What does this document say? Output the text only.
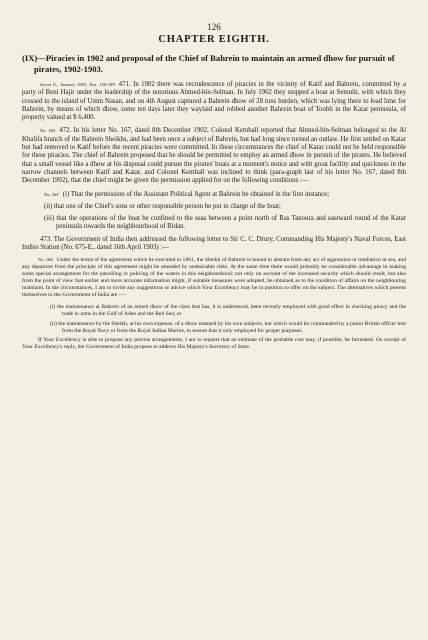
126
CHAPTER EIGHTH.
(IX)—Piracies in 1902 and proposal of the Chief of Bahrein to maintain an armed dhow for pursuit of pirates, 1902-1903.

Secret E., January 1903, Nos. 150-189. 471. In 1902 there was recrudescence of piracies in the vicinity of Katif and Bahrein, committed by a party of Beni Hajir under the leadership of the notorious Ahmed-bin-Selman. In July 1902 they stopped a boat at Semulit, with which they crossed to the island of Umm Nasan, and on 4th August captured a Bahrein dhow of 28 tons burden, which was lying there to load lime for Bahrein, by means of which dhow, some ten days later they waylaid and robbed another Bahrein boat of Toobli in the Katar peninsula, of property valued at $ 6,400.

No. 165. 472. In his letter No. 167, dated 8th December 1902, Colonel Kemball reported that Ahmed-bin-Selman belonged to the Al Khalifa branch of the Bahrein Sheikhs, and had been once a subject of Bahrein, but had long since turned an outlaw. He first settled on Katar but had removed to Katif before the recent piracies were committed. In these circumstances the chief of Katar could not be held responsible for these piracies. The chief of Bahrein proposed that he should be permitted to employ an armed dhow in pursuit of the pirates. He believed that a small vessel like a dhow at his disposal could pursue the pirates' boats at a moment's notice and with great facility and quickness in the narrow channels between Katif and Katar, and Colonel Kemball was inclined to think (para-graph last of his letter No. 167, dated 8th December 1902), that the chief might be given the permission applied for on the following conditions :—

No. 165. (i) That the permission of the Assistant Political Agent at Bahrein be obtained in the first instance;
(ii) that one of the Chief's sons or other responsible person be put in charge of the boat;
(iii) that the operations of the boat be confined to the seas between a point north of Ras Tanoura and eastward round of the Katar peninsula towards the neighbourhood of Bidan.

473. The Government of India then addressed the following letter to Sir C. C. Drury, Commanding His Majesty's Naval Forces, East Indies Station (No. 675-E., dated 16th April 1903) :—

No. 184. Under the terms of the agreement which he executed in 1861, the Sheikh of Bahrein is bound to abstain from any act of aggression or retaliation at sea, and any departure from the principle of this agreement might be attended by undesirable risks. At the same time there would probably be considerable advantage in making some special arrangement for the patrolling or policing of the waters in this neighbourhood; not only on account of the increased security which should result, but also from the point of view that earlier and more accurate information might, if suitable measures were adopted, be obtained as to the condition of affairs on the neighbouring mainland. In the circumstances, I am to invite any suggestions or advice which Your Excellency may be in position to offer on the subject. The alternatives which present themselves to the Government of India are :—

(i) the maintenance at Bahrein of an armed dhow of the class that has, it is understood, been recently employed with good effect in checking piracy and the trade in arms in the Gulf of Aden and the Red Sea; or
(ii) the maintenance by the Sheikh, at his own expense, of a dhow manned by his own subjects, but which would be commanded by a junior British officer lent from the Royal Navy or from the Royal Indian Marine, to ensure that it only employed for proper purposes.

If Your Excellency is able to propose any precise arrangements, I am to request that an estimate of the probable cost may, if possible, be furnished. On receipt of Your Excellency's reply, the Government of India propose to address His Majesty's Secretary of State.
